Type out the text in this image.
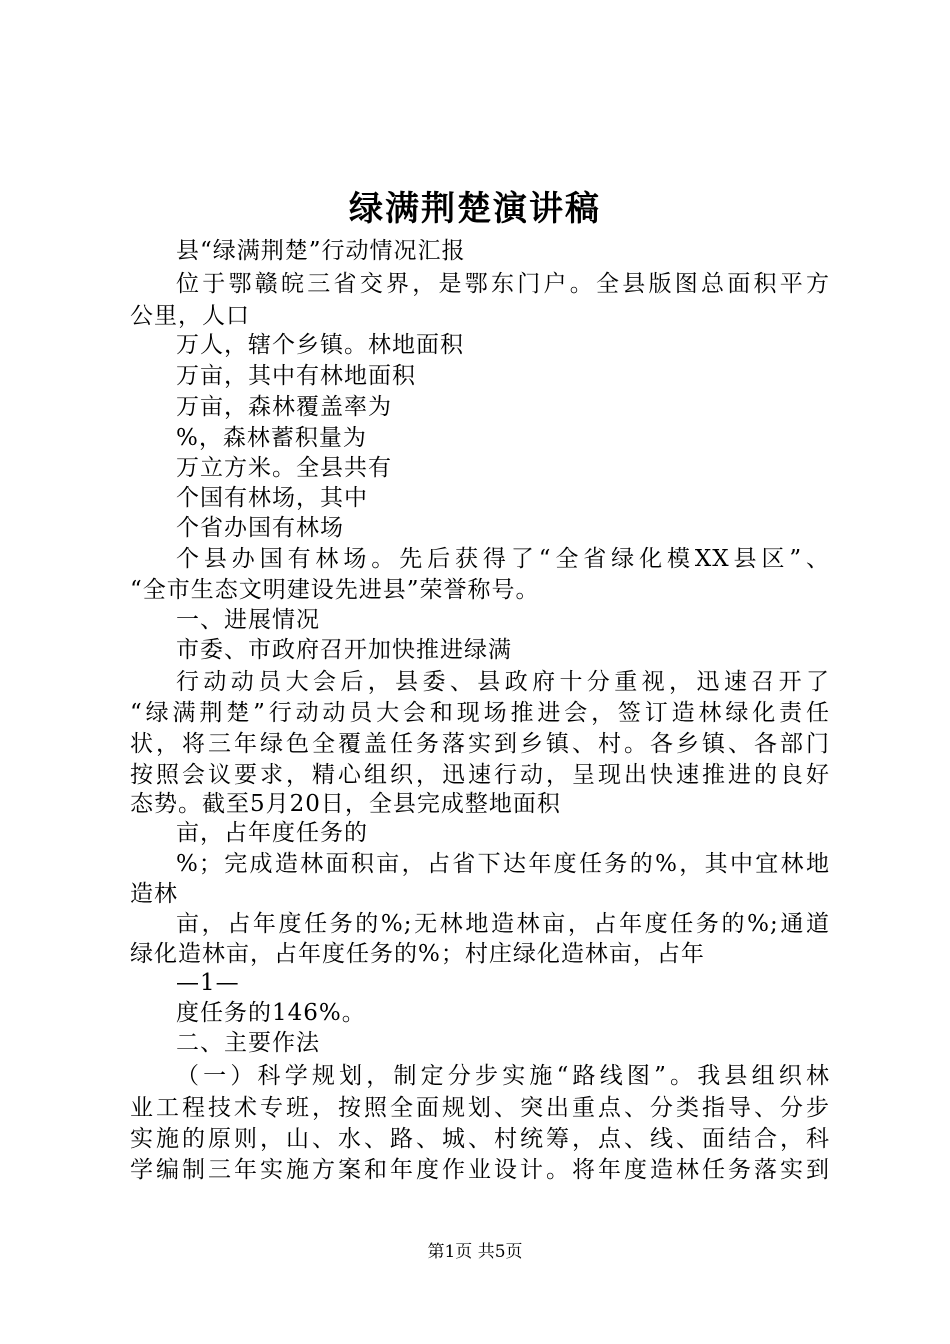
绿满荆楚演讲稿
县“绿满荆楚”行动情况汇报
位于鄂赣皖三省交界，是鄂东门户。全县版图总面积平方
公里，人口
万人，辖个乡镇。林地面积
万亩，其中有林地面积
万亩，森林覆盖率为
%，森林蓄积量为
万立方米。全县共有
个国有林场，其中
个省办国有林场
个县办国有林场。先后获得了“全省绿化模XX县区”、
“全市生态文明建设先进县”荣誉称号。
一、进展情况
市委、市政府召开加快推进绿满
行动动员大会后，县委、县政府十分重视，迅速召开了
“绿满荆楚”行动动员大会和现场推进会，签订造林绿化责任
状，将三年绿色全覆盖任务落实到乡镇、村。各乡镇、各部门
按照会议要求，精心组织，迅速行动，呈现出快速推进的良好
态势。截至5月20日，全县完成整地面积
亩，占年度任务的
%；完成造林面积亩，占省下达年度任务的%，其中宜林地
造林
亩，占年度任务的%;无林地造林亩，占年度任务的%;通道
绿化造林亩，占年度任务的%；村庄绿化造林亩，占年
—1—
度任务的146%。
二、主要作法
（一）科学规划，制定分步实施“路线图”。我县组织林
业工程技术专班，按照全面规划、突出重点、分类指导、分步
实施的原则，山、水、路、城、村统筹，点、线、面结合，科
学编制三年实施方案和年度作业设计。将年度造林任务落实到
第1页 共5页
